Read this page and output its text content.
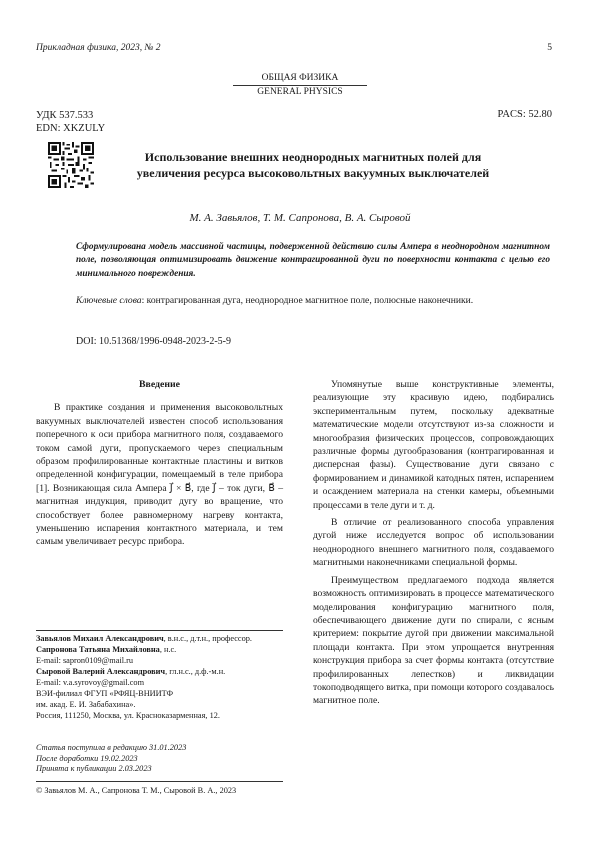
Прикладная физика, 2023, № 2	5
ОБЩАЯ ФИЗИКА
GENERAL PHYSICS
УДК 537.533
EDN: XKZULY
PACS: 52.80
Использование внешних неоднородных магнитных полей для увеличения ресурса высоковольтных вакуумных выключателей
М. А. Завьялов, Т. М. Сапронова, В. А. Сыровой
Сформулирована модель массивной частицы, подверженной действию силы Ампера в неоднородном магнитном поле, позволяющая оптимизировать движение контрагированной дуги по поверхности контакта с целью его минимального повреждения.
Ключевые слова: контрагированная дуга, неоднородное магнитное поле, полюсные наконечники.
DOI: 10.51368/1996-0948-2023-2-5-9

Введение

В практике создания и применения высоковольтных вакуумных выключателей известен способ использования поперечного к оси прибора магнитного поля, создаваемого током самой дуги, пропускаемого через специальным образом профилированные контактные пластины и витков определенной конфигурации, помещаемый в теле прибора [1]. Возникающая сила Ампера J⃗ × B⃗, где J⃗ – ток дуги, B⃗ – магнитная индукция, приводит дугу во вращение, что способствует более равномерному нагреву контакта, уменьшению испарения контактного материала, и тем самым увеличивает ресурс прибора.

Упомянутые выше конструктивные элементы, реализующие эту красивую идею, подбирались экспериментальным путем, поскольку адекватные математические модели отсутствуют из-за сложности и многообразия физических процессов, сопровождающих различные формы дугообразования (контрагированная и дисперсная фазы). Существование дуги связано с формированием и динамикой катодных пятен, испарением и осаждением материала на стенки камеры, объемными процессами в теле дуги и т. д.

В отличие от реализованного способа управления дугой ниже исследуется вопрос об использовании неоднородного внешнего магнитного поля, создаваемого магнитными наконечниками специальной формы.

Преимуществом предлагаемого подхода является возможность оптимизировать в процессе математического моделирования конфигурацию магнитного поля, обеспечивающего движение дуги по спирали, с ясным критерием: покрытие дугой при движении максимальной площади контакта. При этом упрощается внутренняя конструкция прибора за счет формы контакта (отсутствие профилированных лепестков) и ликвидации токоподводящего витка, при помощи которого создавалось магнитное поле.

Завьялов Михаил Александрович, в.н.с., д.т.н., профессор.
Сапронова Татьяна Михайловна, н.с.
E-mail: sapron0109@mail.ru
Сыровой Валерий Александрович, гл.н.с., д.ф.-м.н.
E-mail: v.a.syrovoy@gmail.com
ВЭИ-филиал ФГУП «РФЯЦ-ВНИИТФ
им. акад. Е. И. Забабахина».
Россия, 111250, Москва, ул. Красноказарменная, 12.
Статья поступила в редакцию 31.01.2023
После доработки 19.02.2023
Принята к публикации 2.03.2023
© Завьялов М. А., Сапронова Т. М., Сыровой В. А., 2023
